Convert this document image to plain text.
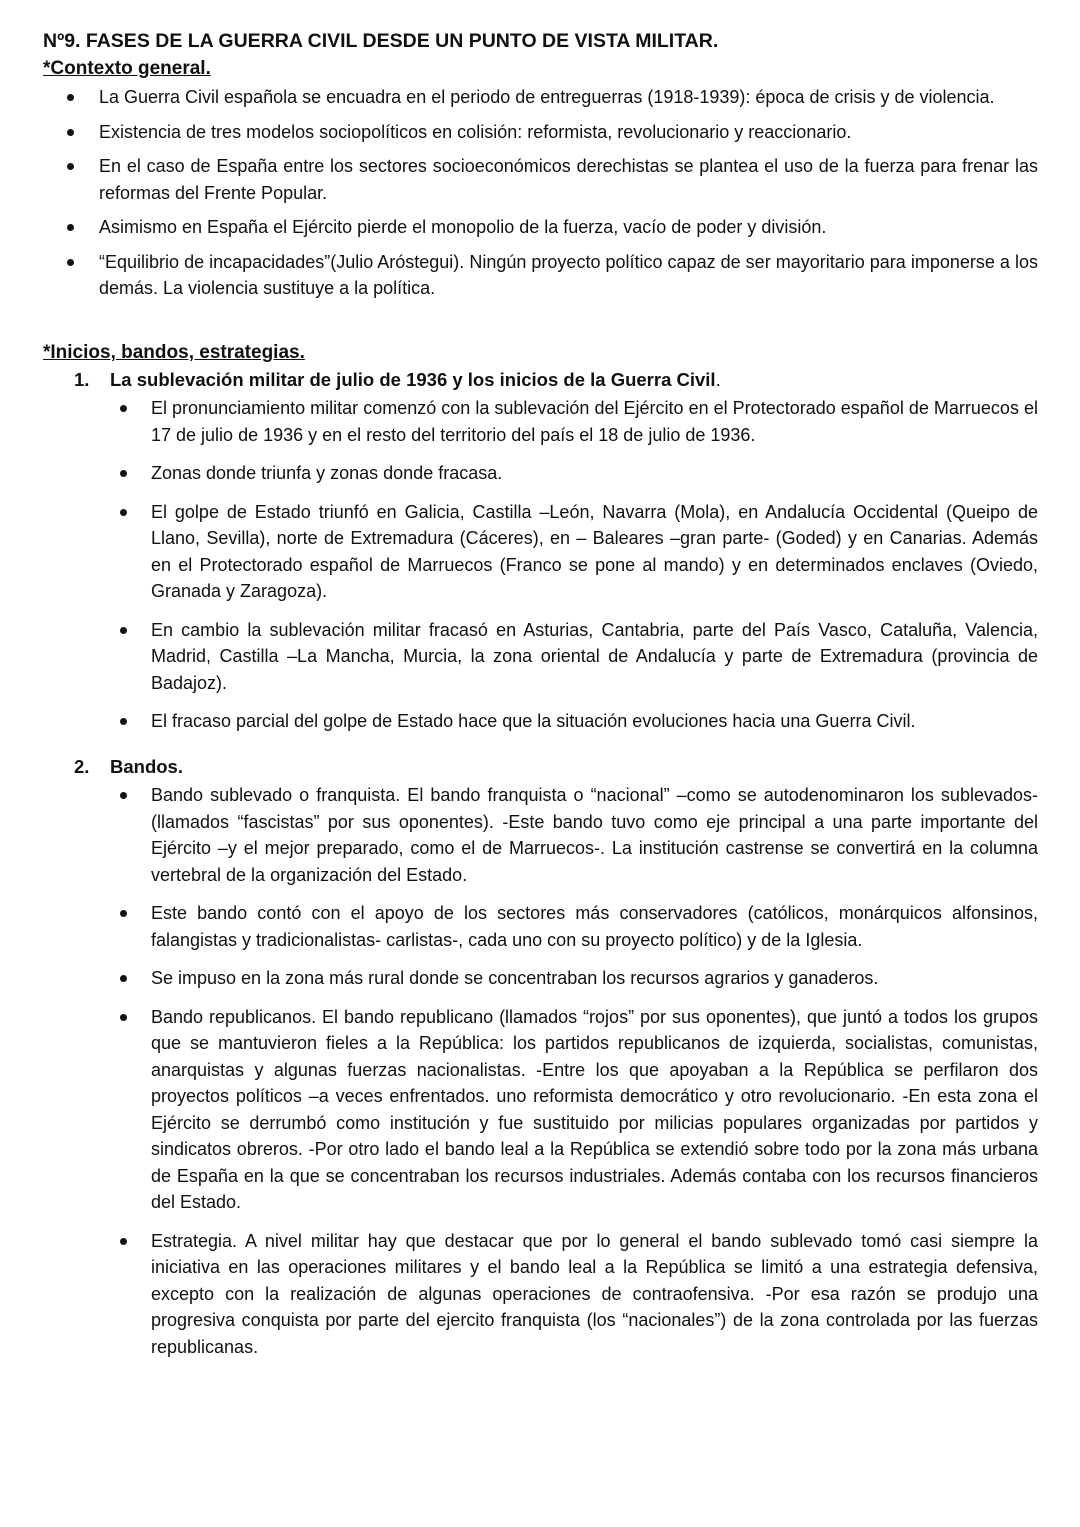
Nº9. FASES DE LA GUERRA CIVIL DESDE UN PUNTO DE VISTA MILITAR.
*Contexto general.
La Guerra Civil española se encuadra en el periodo de entreguerras (1918-1939): época de crisis y de violencia.
Existencia de tres modelos sociopolíticos en colisión: reformista, revolucionario y reaccionario.
En el caso de España entre los sectores socioeconómicos derechistas se plantea el uso de la fuerza para frenar las reformas del Frente Popular.
Asimismo en España el Ejército pierde el monopolio de la fuerza, vacío de poder y división.
“Equilibrio de incapacidades”(Julio Aróstegui). Ningún proyecto político capaz de ser mayoritario para imponerse a los demás. La violencia sustituye a la política.
*Inicios, bandos, estrategias.
1. La sublevación militar de julio de 1936 y los inicios de la Guerra Civil.
El pronunciamiento militar comenzó con la sublevación del Ejército en el Protectorado español de Marruecos el 17 de julio de 1936 y en el resto del territorio del país el 18 de julio de 1936.
Zonas donde triunfa y zonas donde fracasa.
El golpe de Estado triunfó en Galicia, Castilla –León, Navarra (Mola), en Andalucía Occidental (Queipo de Llano, Sevilla), norte de Extremadura (Cáceres), en – Baleares –gran parte- (Goded) y en Canarias. Además en el Protectorado español de Marruecos (Franco se pone al mando) y en determinados enclaves (Oviedo, Granada y Zaragoza).
En cambio la sublevación militar fracasó en Asturias, Cantabria, parte del País Vasco, Cataluña, Valencia, Madrid, Castilla –La Mancha, Murcia, la zona oriental de Andalucía y parte de Extremadura (provincia de Badajoz).
El fracaso parcial del golpe de Estado hace que la situación evoluciones hacia una Guerra Civil.
2. Bandos.
Bando sublevado o franquista. El bando franquista o “nacional” –como se autodenominaron los sublevados- (llamados “fascistas” por sus oponentes). -Este bando tuvo como eje principal a una parte importante del Ejército –y el mejor preparado, como el de Marruecos-. La institución castrense se convertirá en la columna vertebral de la organización del Estado.
Este bando contó con el apoyo de los sectores más conservadores (católicos, monárquicos alfonsinos, falangistas y tradicionalistas- carlistas-, cada uno con su proyecto político) y de la Iglesia.
Se impuso en la zona más rural donde se concentraban los recursos agrarios y ganaderos.
Bando republicanos. El bando republicano (llamados “rojos” por sus oponentes), que juntó a todos los grupos que se mantuvieron fieles a la República: los partidos republicanos de izquierda, socialistas, comunistas, anarquistas y algunas fuerzas nacionalistas. -Entre los que apoyaban a la República se perfilaron dos proyectos políticos –a veces enfrentados. uno reformista democrático y otro revolucionario. -En esta zona el Ejército se derrumbó como institución y fue sustituido por milicias populares organizadas por partidos y sindicatos obreros. -Por otro lado el bando leal a la República se extendió sobre todo por la zona más urbana de España en la que se concentraban los recursos industriales. Además contaba con los recursos financieros del Estado.
Estrategia. A nivel militar hay que destacar que por lo general el bando sublevado tomó casi siempre la iniciativa en las operaciones militares y el bando leal a la República se limitó a una estrategia defensiva, excepto con la realización de algunas operaciones de contraofensiva. -Por esa razón se produjo una progresiva conquista por parte del ejercito franquista (los “nacionales”) de la zona controlada por las fuerzas republicanas.
